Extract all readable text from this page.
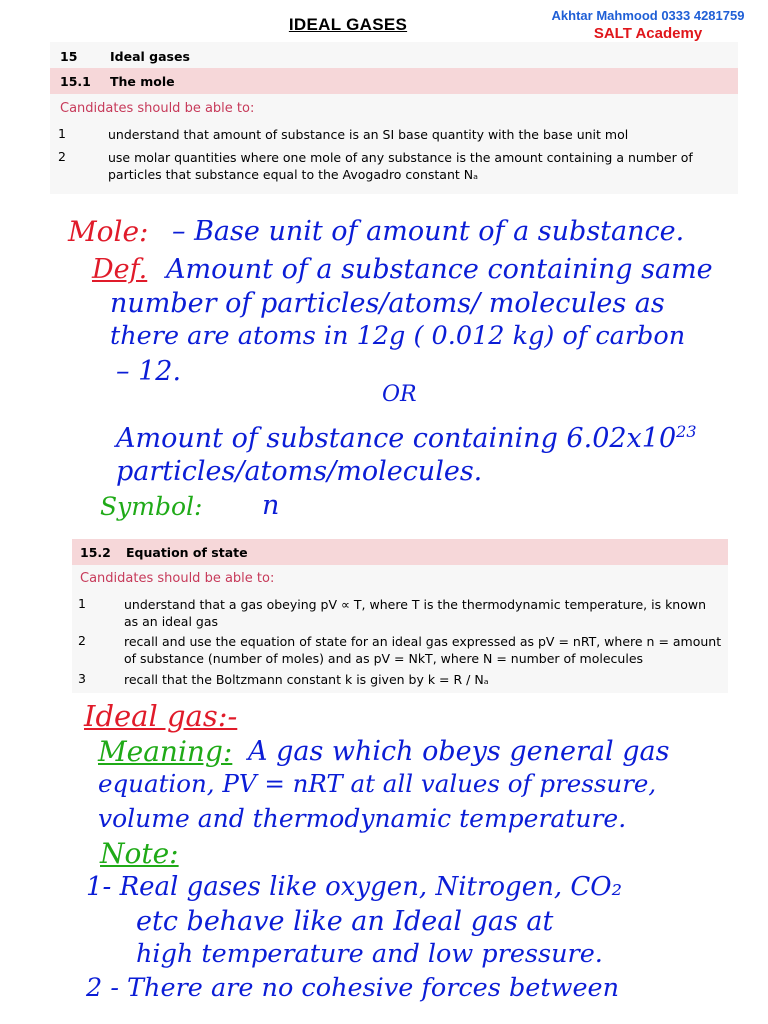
IDEAL GASES	Akhtar Mahmood 0333 4281759
SALT Academy
15	Ideal gases
15.1 The mole
Candidates should be able to:
1	understand that amount of substance is an SI base quantity with the base unit mol
2	use molar quantities where one mole of any substance is the amount containing a number of particles that substance equal to the Avogadro constant Nₐ
Mole: – Base unit of amount of a substance.
Def. Amount of a substance containing same
number of particles/atoms/ molecules as
there are atoms in 12g ( 0.012 kg) of carbon
– 12.
OR
Amount of substance containing $6.02x10^{23}$
particles/atoms/molecules.
Symbol: n
15.2 Equation of state
Candidates should be able to:
1	understand that a gas obeying pV ∝ T, where T is the thermodynamic temperature, is known as an ideal gas
2	recall and use the equation of state for an ideal gas expressed as pV = nRT, where n = amount of substance (number of moles) and as pV = NkT, where N = number of molecules
3	recall that the Boltzmann constant k is given by k = R / Nₐ
Ideal gas:-
Meaning: A gas which obeys general gas
equation, PV = nRT at all values of pressure,
volume and thermodynamic temperature.
Note:
1- Real gases like oxygen, Nitrogen, CO₂
etc behave like an Ideal gas at
high temperature and low pressure.
2 - There are no cohesive forces between
